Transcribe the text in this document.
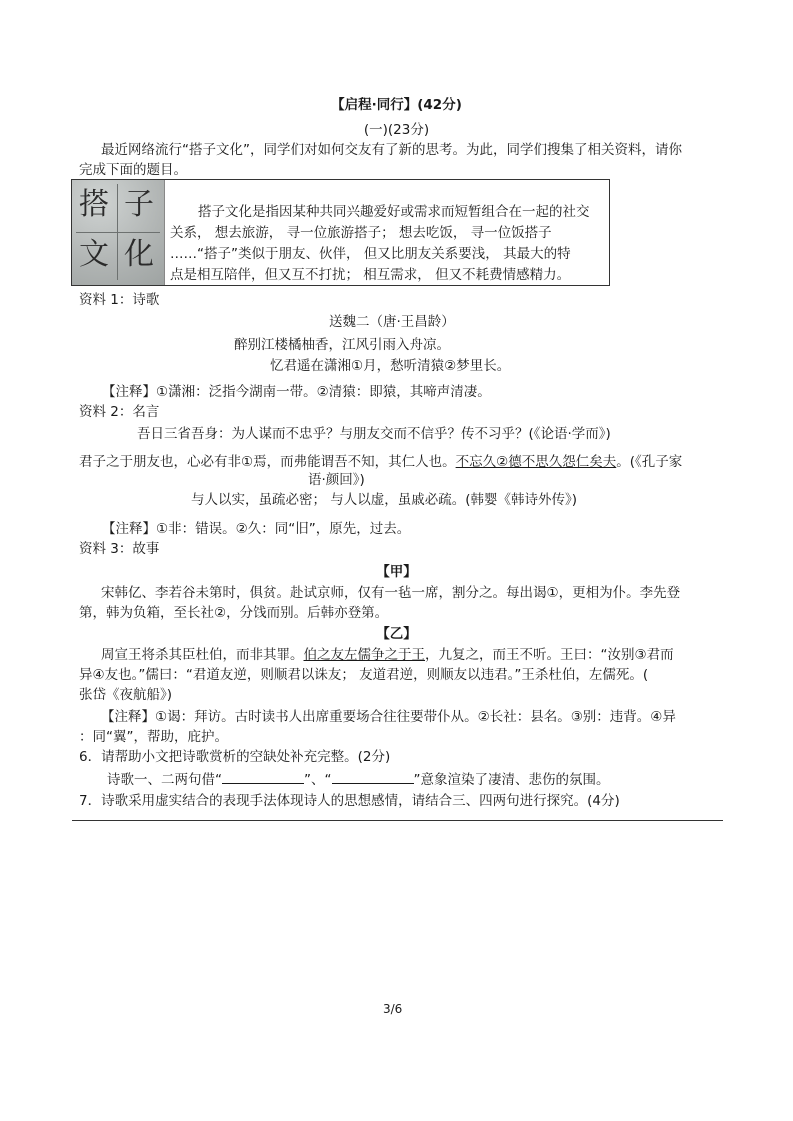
【启程·同行】(42分)
(一)(23分)
最近网络流行“搭子文化”，同学们对如何交友有了新的思考。为此，同学们搜集了相关资料，请你
完成下面的题目。
搭 子
文 化
搭子文化是指因某种共同兴趣爱好或需求而短暂组合在一起的社交
关系， 想去旅游， 寻一位旅游搭子； 想去吃饭， 寻一位饭搭子
……“搭子”类似于朋友、伙伴， 但又比朋友关系要浅， 其最大的特
点是相互陪伴，但又互不打扰； 相互需求， 但又不耗费情感精力。
资料 1：诗歌
送魏二（唐·王昌龄）
醉别江楼橘柚香，江风引雨入舟凉。
忆君遥在潇湘①月，愁听清猿②梦里长。
【注释】①潇湘：泛指今湖南一带。②清猿：即猿，其啼声清凄。
资料 2：名言
吾日三省吾身：为人谋而不忠乎？与朋友交而不信乎？传不习乎？(《论语·学而》)
君子之于朋友也，心必有非①焉，而弗能谓吾不知，其仁人也。不忘久②德不思久怨仁矣夫。(《孔子家
语·颜回》)
与人以实，虽疏必密； 与人以虚，虽戚必疏。(韩婴《韩诗外传》)
【注释】①非：错误。②久：同“旧”，原先，过去。
资料 3：故事
【甲】
宋韩亿、李若谷未第时，俱贫。赴试京师，仅有一毡一席，割分之。每出谒①，更相为仆。李先登
第，韩为负箱，至长社②，分饯而别。后韩亦登第。
【乙】
周宣王将杀其臣杜伯，而非其罪。伯之友左儒争之于王，九复之，而王不听。王曰：“汝别③君而
异④友也。”儒曰：“君道友逆，则顺君以诛友； 友道君逆，则顺友以违君。”王杀杜伯，左儒死。(
张岱《夜航船》)
【注释】①谒：拜访。古时读书人出席重要场合往往要带仆从。②长社：县名。③别：违背。④异
：同“翼”，帮助，庇护。
6．请帮助小文把诗歌赏析的空缺处补充完整。(2分)
诗歌一、二两句借“	”、“	”意象渲染了凄清、悲伤的氛围。
7．诗歌采用虚实结合的表现手法体现诗人的思想感情，请结合三、四两句进行探究。(4分)
3/6
